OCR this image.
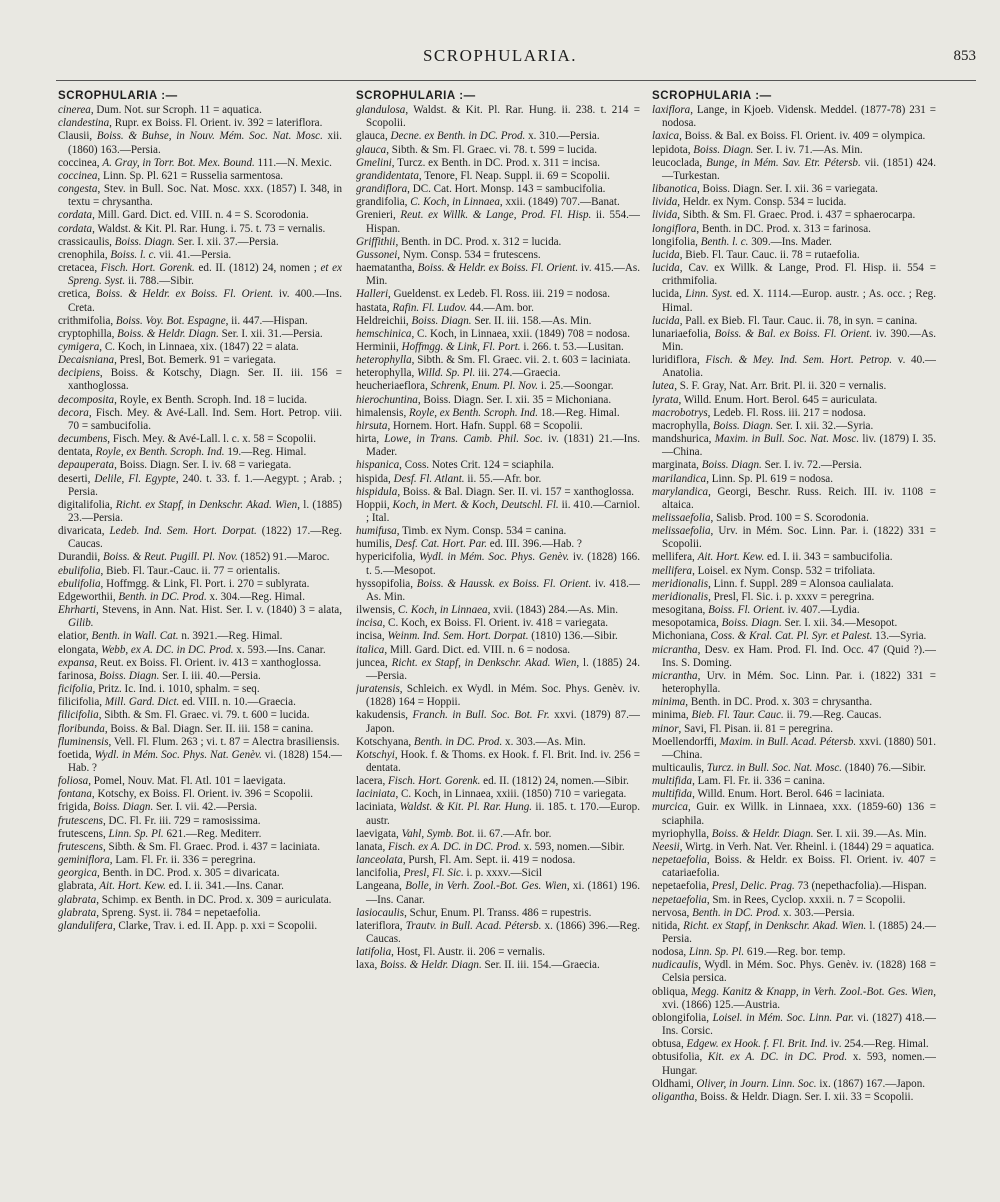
SCROPHULARIA.	853
SCROPHULARIA :—

cinerea, Dum. Not. sur Scroph. 11 = aquatica.

clandestina, Rupr. ex Boiss. Fl. Orient. iv. 392 = lateriflora.

Clausii, Boiss. & Buhse, in Nouv. Mém. Soc. Nat. Mosc. xii. (1860) 163.—Persia.

coccinea, A. Gray, in Torr. Bot. Mex. Bound. 111.—N. Mexic.

coccinea, Linn. Sp. Pl. 621 = Russelia sarmentosa.

congesta, Stev. in Bull. Soc. Nat. Mosc. xxx. (1857) I. 348, in textu = chrysantha.

cordata, Mill. Gard. Dict. ed. VIII. n. 4 = S. Scorodonia.

cordata, Waldst. & Kit. Pl. Rar. Hung. i. 75. t. 73 = vernalis.

crassicaulis, Boiss. Diagn. Ser. I. xii. 37.—Persia.

crenophila, Boiss. l. c. vii. 41.—Persia.

cretacea, Fisch. Hort. Gorenk. ed. II. (1812) 24, nomen ; et ex Spreng. Syst. ii. 788.—Sibir.

cretica, Boiss. & Heldr. ex Boiss. Fl. Orient. iv. 400.—Ins. Creta.

crithmifolia, Boiss. Voy. Bot. Espagne, ii. 447.—Hispan.

cryptophilla, Boiss. & Heldr. Diagn. Ser. I. xii. 31.—Persia.

cymigera, C. Koch, in Linnaea, xix. (1847) 22 = alata.

Decaisniana, Presl, Bot. Bemerk. 91 = variegata.

decipiens, Boiss. & Kotschy, Diagn. Ser. II. iii. 156 = xanthoglossa.

decomposita, Royle, ex Benth. Scroph. Ind. 18 = lucida.

decora, Fisch. Mey. & Avé-Lall. Ind. Sem. Hort. Petrop. viii. 70 = sambucifolia.

decumbens, Fisch. Mey. & Avé-Lall. l. c. x. 58 = Scopolii.

dentata, Royle, ex Benth. Scroph. Ind. 19.—Reg. Himal.

depauperata, Boiss. Diagn. Ser. I. iv. 68 = variegata.

deserti, Delile, Fl. Egypte, 240. t. 33. f. 1.—Aegypt. ; Arab. ; Persia.

digitalifolia, Richt. ex Stapf, in Denkschr. Akad. Wien, l. (1885) 23.—Persia.

divaricata, Ledeb. Ind. Sem. Hort. Dorpat. (1822) 17.—Reg. Caucas.

Durandii, Boiss. & Reut. Pugill. Pl. Nov. (1852) 91.—Maroc.

ebulifolia, Bieb. Fl. Taur.-Cauc. ii. 77 = orientalis.

ebulifolia, Hoffmgg. & Link, Fl. Port. i. 270 = sublyrata.

Edgeworthii, Benth. in DC. Prod. x. 304.—Reg. Himal.

Ehrharti, Stevens, in Ann. Nat. Hist. Ser. I. v. (1840) 3 = alata, Gilib.

elatior, Benth. in Wall. Cat. n. 3921.—Reg. Himal.

elongata, Webb, ex A. DC. in DC. Prod. x. 593.—Ins. Canar.

expansa, Reut. ex Boiss. Fl. Orient. iv. 413 = xanthoglossa.

farinosa, Boiss. Diagn. Ser. I. iii. 40.—Persia.

ficifolia, Pritz. Ic. Ind. i. 1010, sphalm. = seq.

filicifolia, Mill. Gard. Dict. ed. VIII. n. 10.—Graecia.

filicifolia, Sibth. & Sm. Fl. Graec. vi. 79. t. 600 = lucida.

floribunda, Boiss. & Bal. Diagn. Ser. II. iii. 158 = canina.

fluminensis, Vell. Fl. Flum. 263 ; vi. t. 87 = Alectra brasiliensis.

foetida, Wydl. in Mém. Soc. Phys. Nat. Genèv. vi. (1828) 154.—Hab. ?

foliosa, Pomel, Nouv. Mat. Fl. Atl. 101 = laevigata.

fontana, Kotschy, ex Boiss. Fl. Orient. iv. 396 = Scopolii.

frigida, Boiss. Diagn. Ser. I. vii. 42.—Persia.

frutescens, DC. Fl. Fr. iii. 729 = ramosissima.

frutescens, Linn. Sp. Pl. 621.—Reg. Mediterr.

frutescens, Sibth. & Sm. Fl. Graec. Prod. i. 437 = laciniata.

geminiflora, Lam. Fl. Fr. ii. 336 = peregrina.

georgica, Benth. in DC. Prod. x. 305 = divaricata.

glabrata, Ait. Hort. Kew. ed. I. ii. 341.—Ins. Canar.

glabrata, Schimp. ex Benth. in DC. Prod. x. 309 = auriculata.

glabrata, Spreng. Syst. ii. 784 = nepetaefolia.

glandulifera, Clarke, Trav. i. ed. II. App. p. xxi = Scopolii.

SCROPHULARIA :—

glandulosa, Waldst. & Kit. Pl. Rar. Hung. ii. 238. t. 214 = Scopolii.

glauca, Decne. ex Benth. in DC. Prod. x. 310.—Persia.

glauca, Sibth. & Sm. Fl. Graec. vi. 78. t. 599 = lucida.

Gmelini, Turcz. ex Benth. in DC. Prod. x. 311 = incisa.

grandidentata, Tenore, Fl. Neap. Suppl. ii. 69 = Scopolii.

grandiflora, DC. Cat. Hort. Monsp. 143 = sambucifolia.

grandifolia, C. Koch, in Linnaea, xxii. (1849) 707.—Banat.

Grenieri, Reut. ex Willk. & Lange, Prod. Fl. Hisp. ii. 554.—Hispan.

Griffithii, Benth. in DC. Prod. x. 312 = lucida.

Gussonei, Nym. Consp. 534 = frutescens.

haematantha, Boiss. & Heldr. ex Boiss. Fl. Orient. iv. 415.—As. Min.

Halleri, Gueldenst. ex Ledeb. Fl. Ross. iii. 219 = nodosa.

hastata, Rafin. Fl. Ludov. 44.—Am. bor.

Heldreichii, Boiss. Diagn. Ser. II. iii. 158.—As. Min.

hemschinica, C. Koch, in Linnaea, xxii. (1849) 708 = nodosa.

Herminii, Hoffmgg. & Link, Fl. Port. i. 266. t. 53.—Lusitan.

heterophylla, Sibth. & Sm. Fl. Graec. vii. 2. t. 603 = laciniata.

heterophylla, Willd. Sp. Pl. iii. 274.—Graecia.

heucheriaeflora, Schrenk, Enum. Pl. Nov. i. 25.—Soongar.

hierochuntina, Boiss. Diagn. Ser. I. xii. 35 = Michoniana.

himalensis, Royle, ex Benth. Scroph. Ind. 18.—Reg. Himal.

hirsuta, Hornem. Hort. Hafn. Suppl. 68 = Scopolii.

hirta, Lowe, in Trans. Camb. Phil. Soc. iv. (1831) 21.—Ins. Mader.

hispanica, Coss. Notes Crit. 124 = sciaphila.

hispida, Desf. Fl. Atlant. ii. 55.—Afr. bor.

hispidula, Boiss. & Bal. Diagn. Ser. II. vi. 157 = xanthoglossa.

Hoppii, Koch, in Mert. & Koch, Deutschl. Fl. ii. 410.—Carniol. ; Ital.

humifusa, Timb. ex Nym. Consp. 534 = canina.

humilis, Desf. Cat. Hort. Par. ed. III. 396.—Hab. ?

hypericifolia, Wydl. in Mém. Soc. Phys. Genèv. iv. (1828) 166. t. 5.—Mesopot.

hyssopifolia, Boiss. & Haussk. ex Boiss. Fl. Orient. iv. 418.—As. Min.

ilwensis, C. Koch, in Linnaea, xvii. (1843) 284.—As. Min.

incisa, C. Koch, ex Boiss. Fl. Orient. iv. 418 = variegata.

incisa, Weinm. Ind. Sem. Hort. Dorpat. (1810) 136.—Sibir.

italica, Mill. Gard. Dict. ed. VIII. n. 6 = nodosa.

juncea, Richt. ex Stapf, in Denkschr. Akad. Wien, l. (1885) 24.—Persia.

juratensis, Schleich. ex Wydl. in Mém. Soc. Phys. Genèv. iv. (1828) 164 = Hoppii.

kakudensis, Franch. in Bull. Soc. Bot. Fr. xxvi. (1879) 87.—Japon.

Kotschyana, Benth. in DC. Prod. x. 303.—As. Min.

Kotschyi, Hook. f. & Thoms. ex Hook. f. Fl. Brit. Ind. iv. 256 = dentata.

lacera, Fisch. Hort. Gorenk. ed. II. (1812) 24, nomen.—Sibir.

laciniata, C. Koch, in Linnaea, xxiii. (1850) 710 = variegata.

laciniata, Waldst. & Kit. Pl. Rar. Hung. ii. 185. t. 170.—Europ. austr.

laevigata, Vahl, Symb. Bot. ii. 67.—Afr. bor.

lanata, Fisch. ex A. DC. in DC. Prod. x. 593, nomen.—Sibir.

lanceolata, Pursh, Fl. Am. Sept. ii. 419 = nodosa.

lancifolia, Presl, Fl. Sic. i. p. xxxv.—Sicil

Langeana, Bolle, in Verh. Zool.-Bot. Ges. Wien, xi. (1861) 196.—Ins. Canar.

lasiocaulis, Schur, Enum. Pl. Transs. 486 = rupestris.

lateriflora, Trautv. in Bull. Acad. Pétersb. x. (1866) 396.—Reg. Caucas.

latifolia, Host, Fl. Austr. ii. 206 = vernalis.

laxa, Boiss. & Heldr. Diagn. Ser. II. iii. 154.—Graecia.

SCROPHULARIA :—

laxiflora, Lange, in Kjoeb. Vidensk. Meddel. (1877-78) 231 = nodosa.

laxica, Boiss. & Bal. ex Boiss. Fl. Orient. iv. 409 = olympica.

lepidota, Boiss. Diagn. Ser. I. iv. 71.—As. Min.

leucoclada, Bunge, in Mém. Sav. Etr. Pétersb. vii. (1851) 424.—Turkestan.

libanotica, Boiss. Diagn. Ser. I. xii. 36 = variegata.

livida, Heldr. ex Nym. Consp. 534 = lucida.

livida, Sibth. & Sm. Fl. Graec. Prod. i. 437 = sphaerocarpa.

longiflora, Benth. in DC. Prod. x. 313 = farinosa.

longifolia, Benth. l. c. 309.—Ins. Mader.

lucida, Bieb. Fl. Taur. Cauc. ii. 78 = rutaefolia.

lucida, Cav. ex Willk. & Lange, Prod. Fl. Hisp. ii. 554 = crithmifolia.

lucida, Linn. Syst. ed. X. 1114.—Europ. austr. ; As. occ. ; Reg. Himal.

lucida, Pall. ex Bieb. Fl. Taur. Cauc. ii. 78, in syn. = canina.

lunariaefolia, Boiss. & Bal. ex Boiss. Fl. Orient. iv. 390.—As. Min.

luridiflora, Fisch. & Mey. Ind. Sem. Hort. Petrop. v. 40.—Anatolia.

lutea, S. F. Gray, Nat. Arr. Brit. Pl. ii. 320 = vernalis.

lyrata, Willd. Enum. Hort. Berol. 645 = auriculata.

macrobotrys, Ledeb. Fl. Ross. iii. 217 = nodosa.

macrophylla, Boiss. Diagn. Ser. I. xii. 32.—Syria.

mandshurica, Maxim. in Bull. Soc. Nat. Mosc. liv. (1879) I. 35.—China.

marginata, Boiss. Diagn. Ser. I. iv. 72.—Persia.

marilandica, Linn. Sp. Pl. 619 = nodosa.

marylandica, Georgi, Beschr. Russ. Reich. III. iv. 1108 = altaica.

melissaefolia, Salisb. Prod. 100 = S. Scorodonia.

melissaefolia, Urv. in Mém. Soc. Linn. Par. i. (1822) 331 = Scopolii.

mellifera, Ait. Hort. Kew. ed. I. ii. 343 = sambucifolia.

mellifera, Loisel. ex Nym. Consp. 532 = trifoliata.

meridionalis, Linn. f. Suppl. 289 = Alonsoa caulialata.

meridionalis, Presl, Fl. Sic. i. p. xxxv = peregrina.

mesogitana, Boiss. Fl. Orient. iv. 407.—Lydia.

mesopotamica, Boiss. Diagn. Ser. I. xii. 34.—Mesopot.

Michoniana, Coss. & Kral. Cat. Pl. Syr. et Palest. 13.—Syria.

micrantha, Desv. ex Ham. Prod. Fl. Ind. Occ. 47 (Quid ?).—Ins. S. Doming.

micrantha, Urv. in Mém. Soc. Linn. Par. i. (1822) 331 = heterophylla.

minima, Benth. in DC. Prod. x. 303 = chrysantha.

minima, Bieb. Fl. Taur. Cauc. ii. 79.—Reg. Caucas.

minor, Savi, Fl. Pisan. ii. 81 = peregrina.

Moellendorffi, Maxim. in Bull. Acad. Pétersb. xxvi. (1880) 501.—China.

multicaulis, Turcz. in Bull. Soc. Nat. Mosc. (1840) 76.—Sibir.

multifida, Lam. Fl. Fr. ii. 336 = canina.

multifida, Willd. Enum. Hort. Berol. 646 = laciniata.

murcica, Guir. ex Willk. in Linnaea, xxx. (1859-60) 136 = sciaphila.

myriophylla, Boiss. & Heldr. Diagn. Ser. I. xii. 39.—As. Min.

Neesii, Wirtg. in Verh. Nat. Ver. Rheinl. i. (1844) 29 = aquatica.

nepetaefolia, Boiss. & Heldr. ex Boiss. Fl. Orient. iv. 407 = catariaefolia.

nepetaefolia, Presl, Delic. Prag. 73 (nepethacfolia).—Hispan.

nepetaefolia, Sm. in Rees, Cyclop. xxxii. n. 7 = Scopolii.

nervosa, Benth. in DC. Prod. x. 303.—Persia.

nitida, Richt. ex Stapf, in Denkschr. Akad. Wien. l. (1885) 24.—Persia.

nodosa, Linn. Sp. Pl. 619.—Reg. bor. temp.

nudicaulis, Wydl. in Mém. Soc. Phys. Genèv. iv. (1828) 168 = Celsia persica.

obliqua, Megg. Kanitz & Knapp, in Verh. Zool.-Bot. Ges. Wien, xvi. (1866) 125.—Austria.

oblongifolia, Loisel. in Mém. Soc. Linn. Par. vi. (1827) 418.—Ins. Corsic.

obtusa, Edgew. ex Hook. f. Fl. Brit. Ind. iv. 254.—Reg. Himal.

obtusifolia, Kit. ex A. DC. in DC. Prod. x. 593, nomen.—Hungar.

Oldhami, Oliver, in Journ. Linn. Soc. ix. (1867) 167.—Japon.

oligantha, Boiss. & Heldr. Diagn. Ser. I. xii. 33 = Scopolii.
